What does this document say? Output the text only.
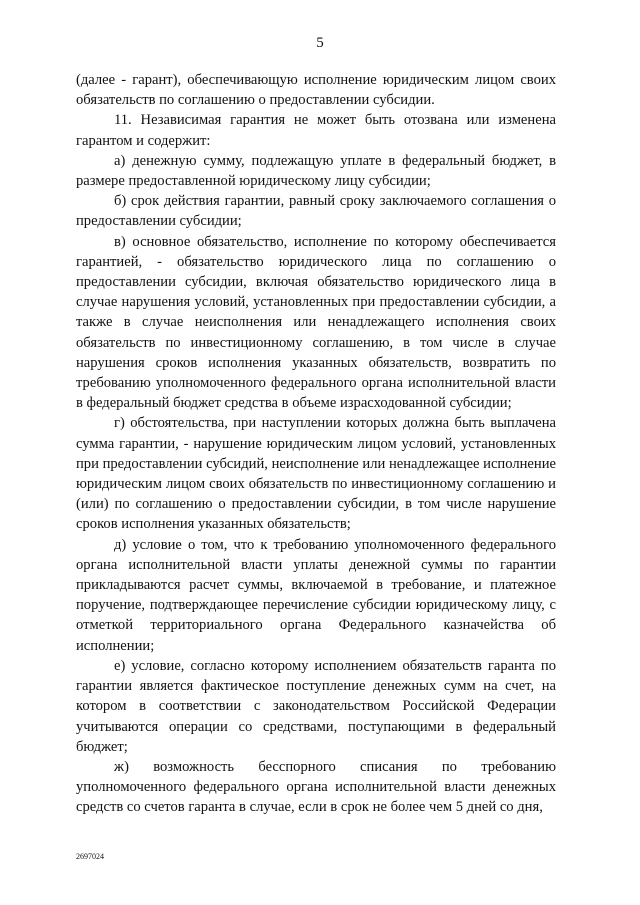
5

(далее - гарант), обеспечивающую исполнение юридическим лицом своих обязательств по соглашению о предоставлении субсидии.

11. Независимая гарантия не может быть отозвана или изменена гарантом и содержит:

а) денежную сумму, подлежащую уплате в федеральный бюджет, в размере предоставленной юридическому лицу субсидии;

б) срок действия гарантии, равный сроку заключаемого соглашения о предоставлении субсидии;

в) основное обязательство, исполнение по которому обеспечивается гарантией, - обязательство юридического лица по соглашению о предоставлении субсидии, включая обязательство юридического лица в случае нарушения условий, установленных при предоставлении субсидии, а также в случае неисполнения или ненадлежащего исполнения своих обязательств по инвестиционному соглашению, в том числе в случае нарушения сроков исполнения указанных обязательств, возвратить по требованию уполномоченного федерального органа исполнительной власти в федеральный бюджет средства в объеме израсходованной субсидии;

г) обстоятельства, при наступлении которых должна быть выплачена сумма гарантии, - нарушение юридическим лицом условий, установленных при предоставлении субсидий, неисполнение или ненадлежащее исполнение юридическим лицом своих обязательств по инвестиционному соглашению и (или) по соглашению о предоставлении субсидии, в том числе нарушение сроков исполнения указанных обязательств;

д) условие о том, что к требованию уполномоченного федерального органа исполнительной власти уплаты денежной суммы по гарантии прикладываются расчет суммы, включаемой в требование, и платежное поручение, подтверждающее перечисление субсидии юридическому лицу, с отметкой территориального органа Федерального казначейства об исполнении;

е) условие, согласно которому исполнением обязательств гаранта по гарантии является фактическое поступление денежных сумм на счет, на котором в соответствии с законодательством Российской Федерации учитываются операции со средствами, поступающими в федеральный бюджет;

ж) возможность бесспорного списания по требованию уполномоченного федерального органа исполнительной власти денежных средств со счетов гаранта в случае, если в срок не более чем 5 дней со дня,

2697024
